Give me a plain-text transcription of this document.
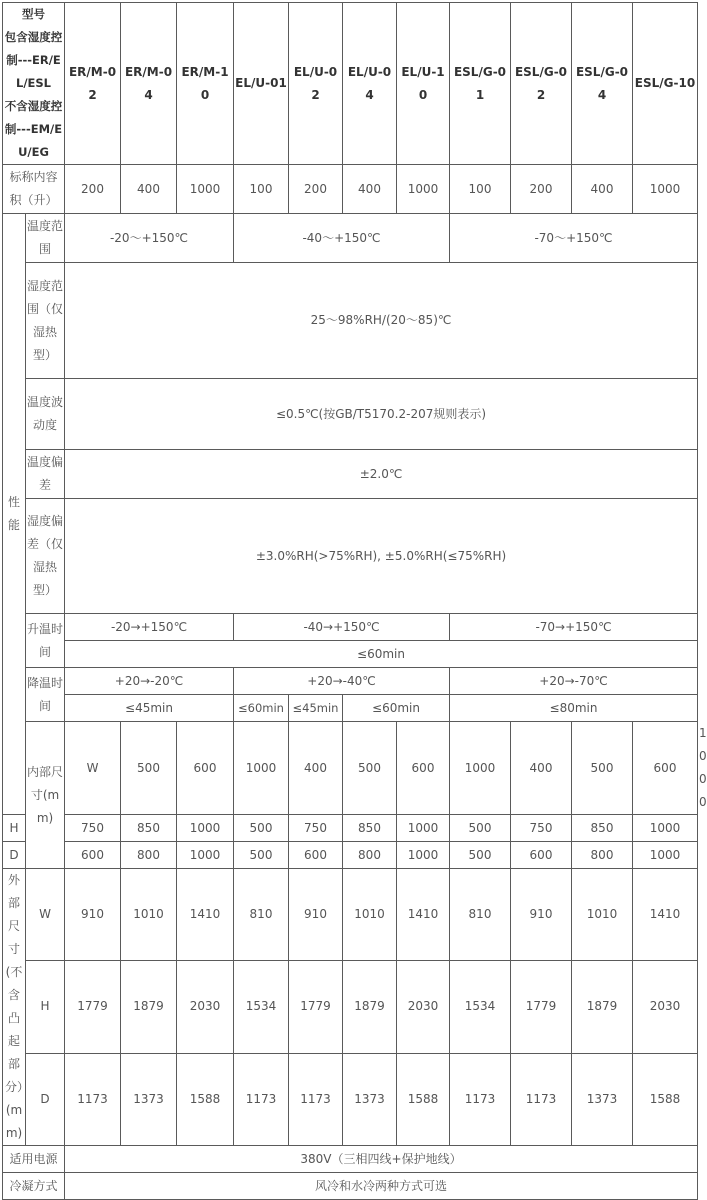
型号
包含湿度控制---ER/EL/ESL
不含湿度控制---EM/EU/EG		ER/M-02	ER/M-04	ER/M-10	EL/U-01	EL/U-02	EL/U-04	EL/U-10	ESL/G-01	ESL/G-02	ESL/G-04	ESL/G-10	
标称内容积（升）		200	400	1000	100	200	400	1000	100	200	400	1000	
性能	温度范围	-20～+150℃			-40～+150℃				-70～+150℃				
	湿度范围（仅湿热型）	25～98%RH/(20～85)℃											
	温度波动度	≤0.5℃(按GB/T5170.2-207规则表示)											
	温度偏差	±2.0℃											
	湿度偏差（仅湿热型）	±3.0%RH(>75%RH), ±5.0%RH(≤75%RH)											
	升温时间	-20→+150℃			-40→+150℃				-70→+150℃				
		≤60min											
	降温时间	+20→-20℃			+20→-40℃				+20→-70℃				
		≤45min			≤60min	≤45min	≤60min		≤80min				
	内部尺寸(mm)	W	500	600	1000	400	500	600	1000	400	500	600	1000
H		750	850	1000	500	750	850	1000	500	750	850	1000	
D		600	800	1000	500	600	800	1000	500	600	800	1000	
外部尺寸(不含凸起部分）(mm)	W	910	1010	1410	810	910	1010	1410	810	910	1010	1410	
	H	1779	1879	2030	1534	1779	1879	2030	1534	1779	1879	2030	
	D	1173	1373	1588	1173	1173	1373	1588	1173	1173	1373	1588	
适用电源		380V（三相四线+保护地线）											
冷凝方式		风冷和水冷两种方式可选											
